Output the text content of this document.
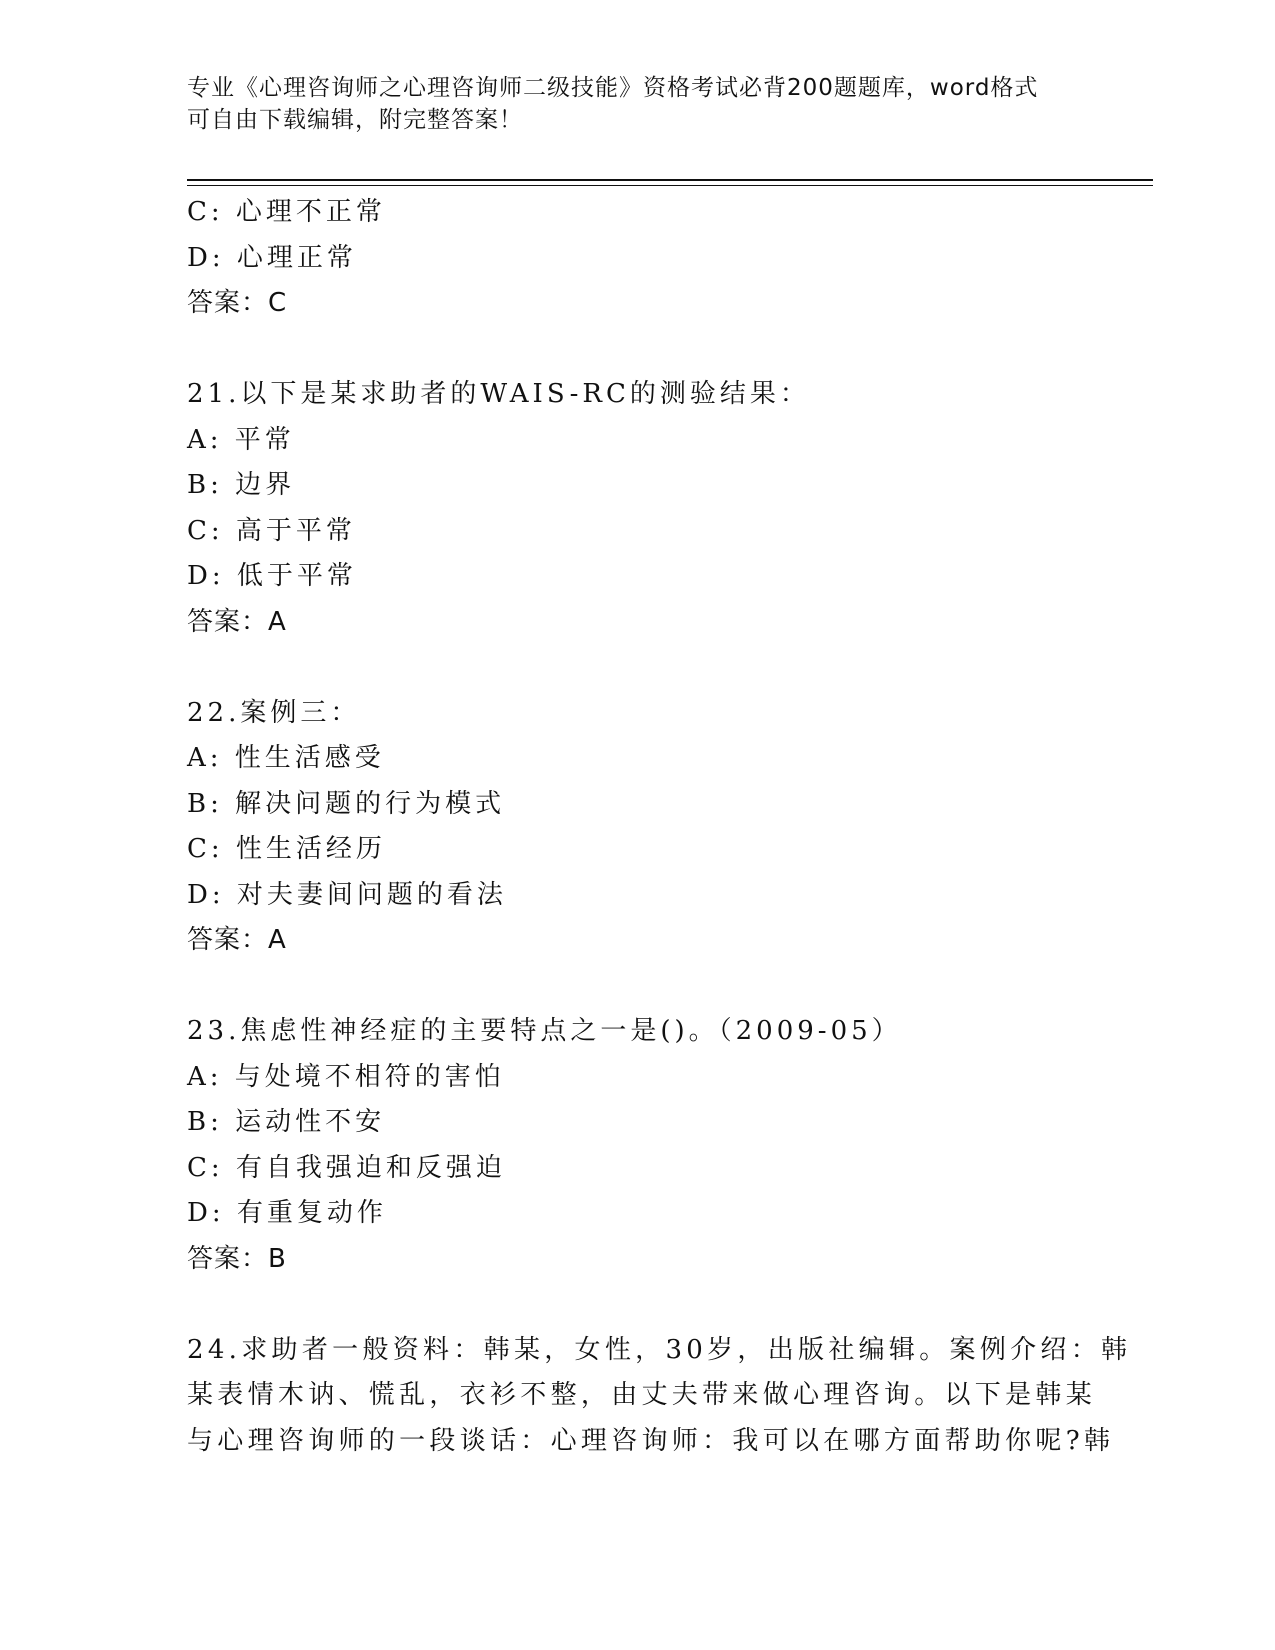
专业《心理咨询师之心理咨询师二级技能》资格考试必背200题题库，word格式
可自由下载编辑，附完整答案！
C: 心理不正常
D: 心理正常
答案：C
21.以下是某求助者的WAIS-RC的测验结果：
A: 平常
B: 边界
C: 高于平常
D: 低于平常
答案：A
22.案例三：
A: 性生活感受
B: 解决问题的行为模式
C: 性生活经历
D: 对夫妻间问题的看法
答案：A
23.焦虑性神经症的主要特点之一是()。（2009-05）
A: 与处境不相符的害怕
B: 运动性不安
C: 有自我强迫和反强迫
D: 有重复动作
答案：B
24.求助者一般资料：韩某，女性，30岁，出版社编辑。案例介绍：韩
某表情木讷、慌乱，衣衫不整，由丈夫带来做心理咨询。以下是韩某
与心理咨询师的一段谈话：心理咨询师：我可以在哪方面帮助你呢?韩
